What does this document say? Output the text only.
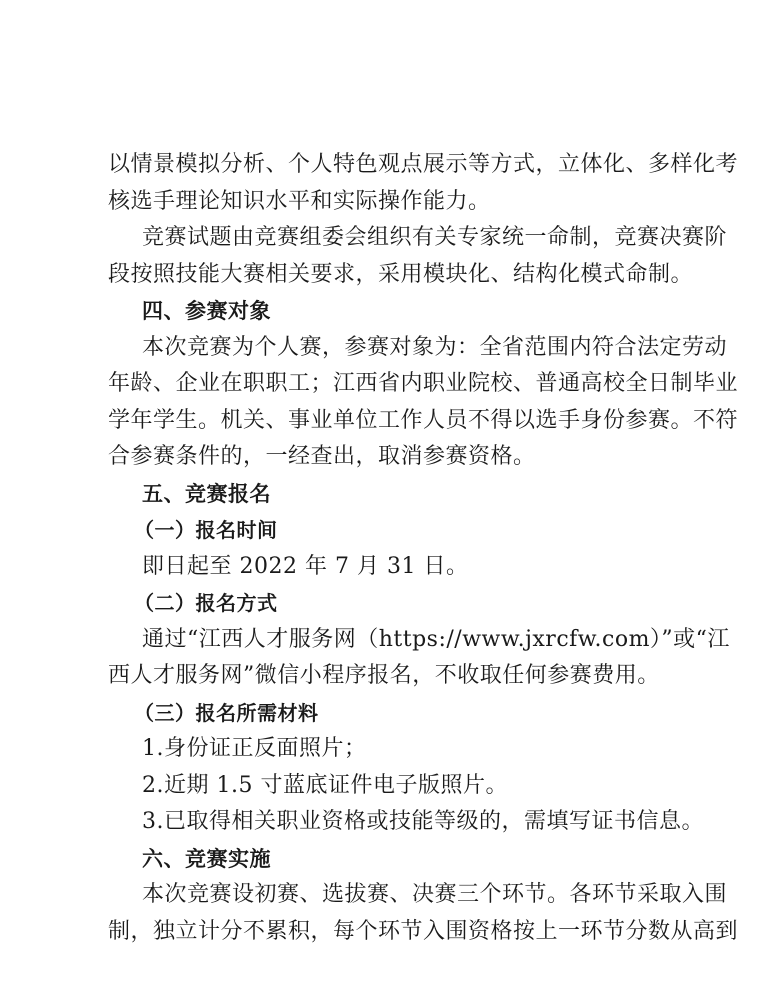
以情景模拟分析、个人特色观点展示等方式，立体化、多样化考
核选手理论知识水平和实际操作能力。
竞赛试题由竞赛组委会组织有关专家统一命制，竞赛决赛阶
段按照技能大赛相关要求，采用模块化、结构化模式命制。
四、参赛对象
本次竞赛为个人赛，参赛对象为：全省范围内符合法定劳动
年龄、企业在职职工；江西省内职业院校、普通高校全日制毕业
学年学生。机关、事业单位工作人员不得以选手身份参赛。不符
合参赛条件的，一经查出，取消参赛资格。
五、竞赛报名
（一）报名时间
即日起至 2022 年 7 月 31 日。
（二）报名方式
通过“江西人才服务网（https://www.jxrcfw.com）”或“江
西人才服务网”微信小程序报名，不收取任何参赛费用。
（三）报名所需材料
1.身份证正反面照片；
2.近期 1.5 寸蓝底证件电子版照片。
3.已取得相关职业资格或技能等级的，需填写证书信息。
六、竞赛实施
本次竞赛设初赛、选拔赛、决赛三个环节。各环节采取入围
制，独立计分不累积，每个环节入围资格按上一环节分数从高到
